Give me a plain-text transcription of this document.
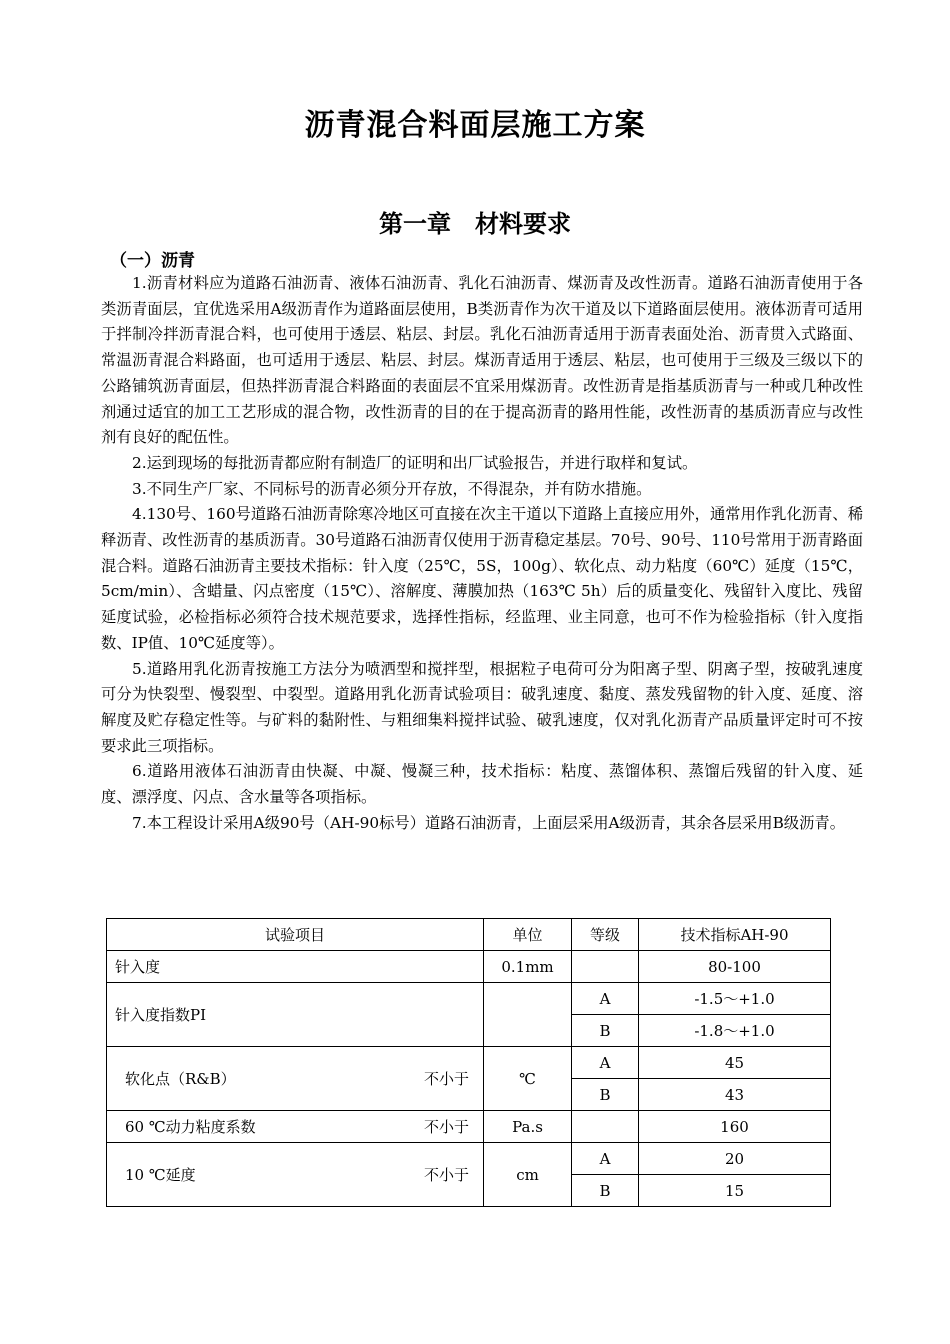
沥青混合料面层施工方案
第一章　材料要求
（一）沥青

1.沥青材料应为道路石油沥青、液体石油沥青、乳化石油沥青、煤沥青及改性沥青。道路石油沥青使用于各类沥青面层，宜优选采用A级沥青作为道路面层使用，B类沥青作为次干道及以下道路面层使用。液体沥青可适用于拌制冷拌沥青混合料，也可使用于透层、粘层、封层。乳化石油沥青适用于沥青表面处治、沥青贯入式路面、常温沥青混合料路面，也可适用于透层、粘层、封层。煤沥青适用于透层、粘层，也可使用于三级及三级以下的公路铺筑沥青面层，但热拌沥青混合料路面的表面层不宜采用煤沥青。改性沥青是指基质沥青与一种或几种改性剂通过适宜的加工工艺形成的混合物，改性沥青的目的在于提高沥青的路用性能，改性沥青的基质沥青应与改性剂有良好的配伍性。

2.运到现场的每批沥青都应附有制造厂的证明和出厂试验报告，并进行取样和复试。

3.不同生产厂家、不同标号的沥青必须分开存放，不得混杂，并有防水措施。

4.130号、160号道路石油沥青除寒冷地区可直接在次主干道以下道路上直接应用外，通常用作乳化沥青、稀释沥青、改性沥青的基质沥青。30号道路石油沥青仅使用于沥青稳定基层。70号、90号、110号常用于沥青路面混合料。道路石油沥青主要技术指标：针入度（25℃，5S，100g）、软化点、动力粘度（60℃）延度（15℃，5cm/min）、含蜡量、闪点密度（15℃）、溶解度、薄膜加热（163℃ 5h）后的质量变化、残留针入度比、残留延度试验，必检指标必须符合技术规范要求，选择性指标，经监理、业主同意，也可不作为检验指标（针入度指数、IP值、10℃延度等）。

5.道路用乳化沥青按施工方法分为喷洒型和搅拌型，根据粒子电荷可分为阳离子型、阴离子型，按破乳速度可分为快裂型、慢裂型、中裂型。道路用乳化沥青试验项目：破乳速度、黏度、蒸发残留物的针入度、延度、溶解度及贮存稳定性等。与矿料的黏附性、与粗细集料搅拌试验、破乳速度，仅对乳化沥青产品质量评定时可不按要求此三项指标。

6.道路用液体石油沥青由快凝、中凝、慢凝三种，技术指标：粘度、蒸馏体积、蒸馏后残留的针入度、延度、漂浮度、闪点、含水量等各项指标。

7.本工程设计采用A级90号（AH-90标号）道路石油沥青，上面层采用A级沥青，其余各层采用B级沥青。

试验项目	单位	等级	技术指标AH-90
针入度	0.1mm		80-100
针入度指数PI		A	-1.5～+1.0
		B	-1.8～+1.0

软化点（R&B） 不小于	℃	A	45
		B	43

60 ℃动力粘度系数 不小于	Pa.s		160

10 ℃延度 不小于	cm	A	20
		B	15
